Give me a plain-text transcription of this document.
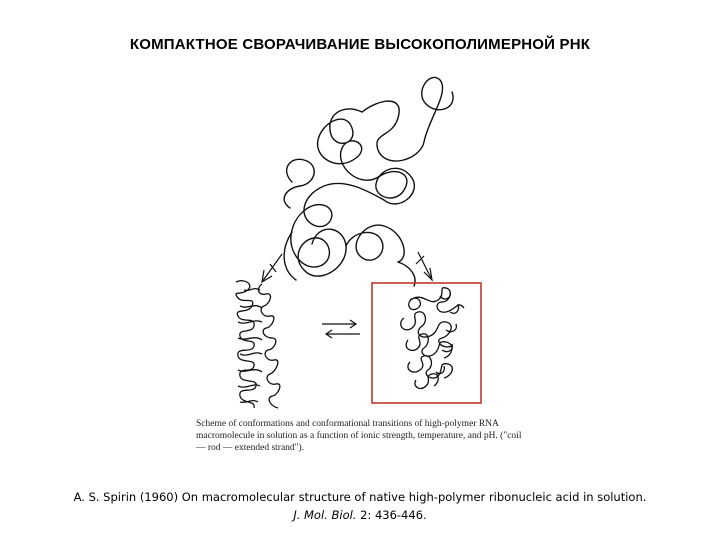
КОМПАКТНОЕ СВОРАЧИВАНИЕ ВЫСОКОПОЛИМЕРНОЙ РНК
Scheme of conformations and conformational transitions of high-polymer RNA
macromolecule in solution as a function of ionic strength, temperature, and pH. ("coil
— rod — extended strand").
A. S. Spirin (1960) On macromolecular structure of native high-polymer ribonucleic acid in solution.
J. Mol. Biol. 2: 436-446.
